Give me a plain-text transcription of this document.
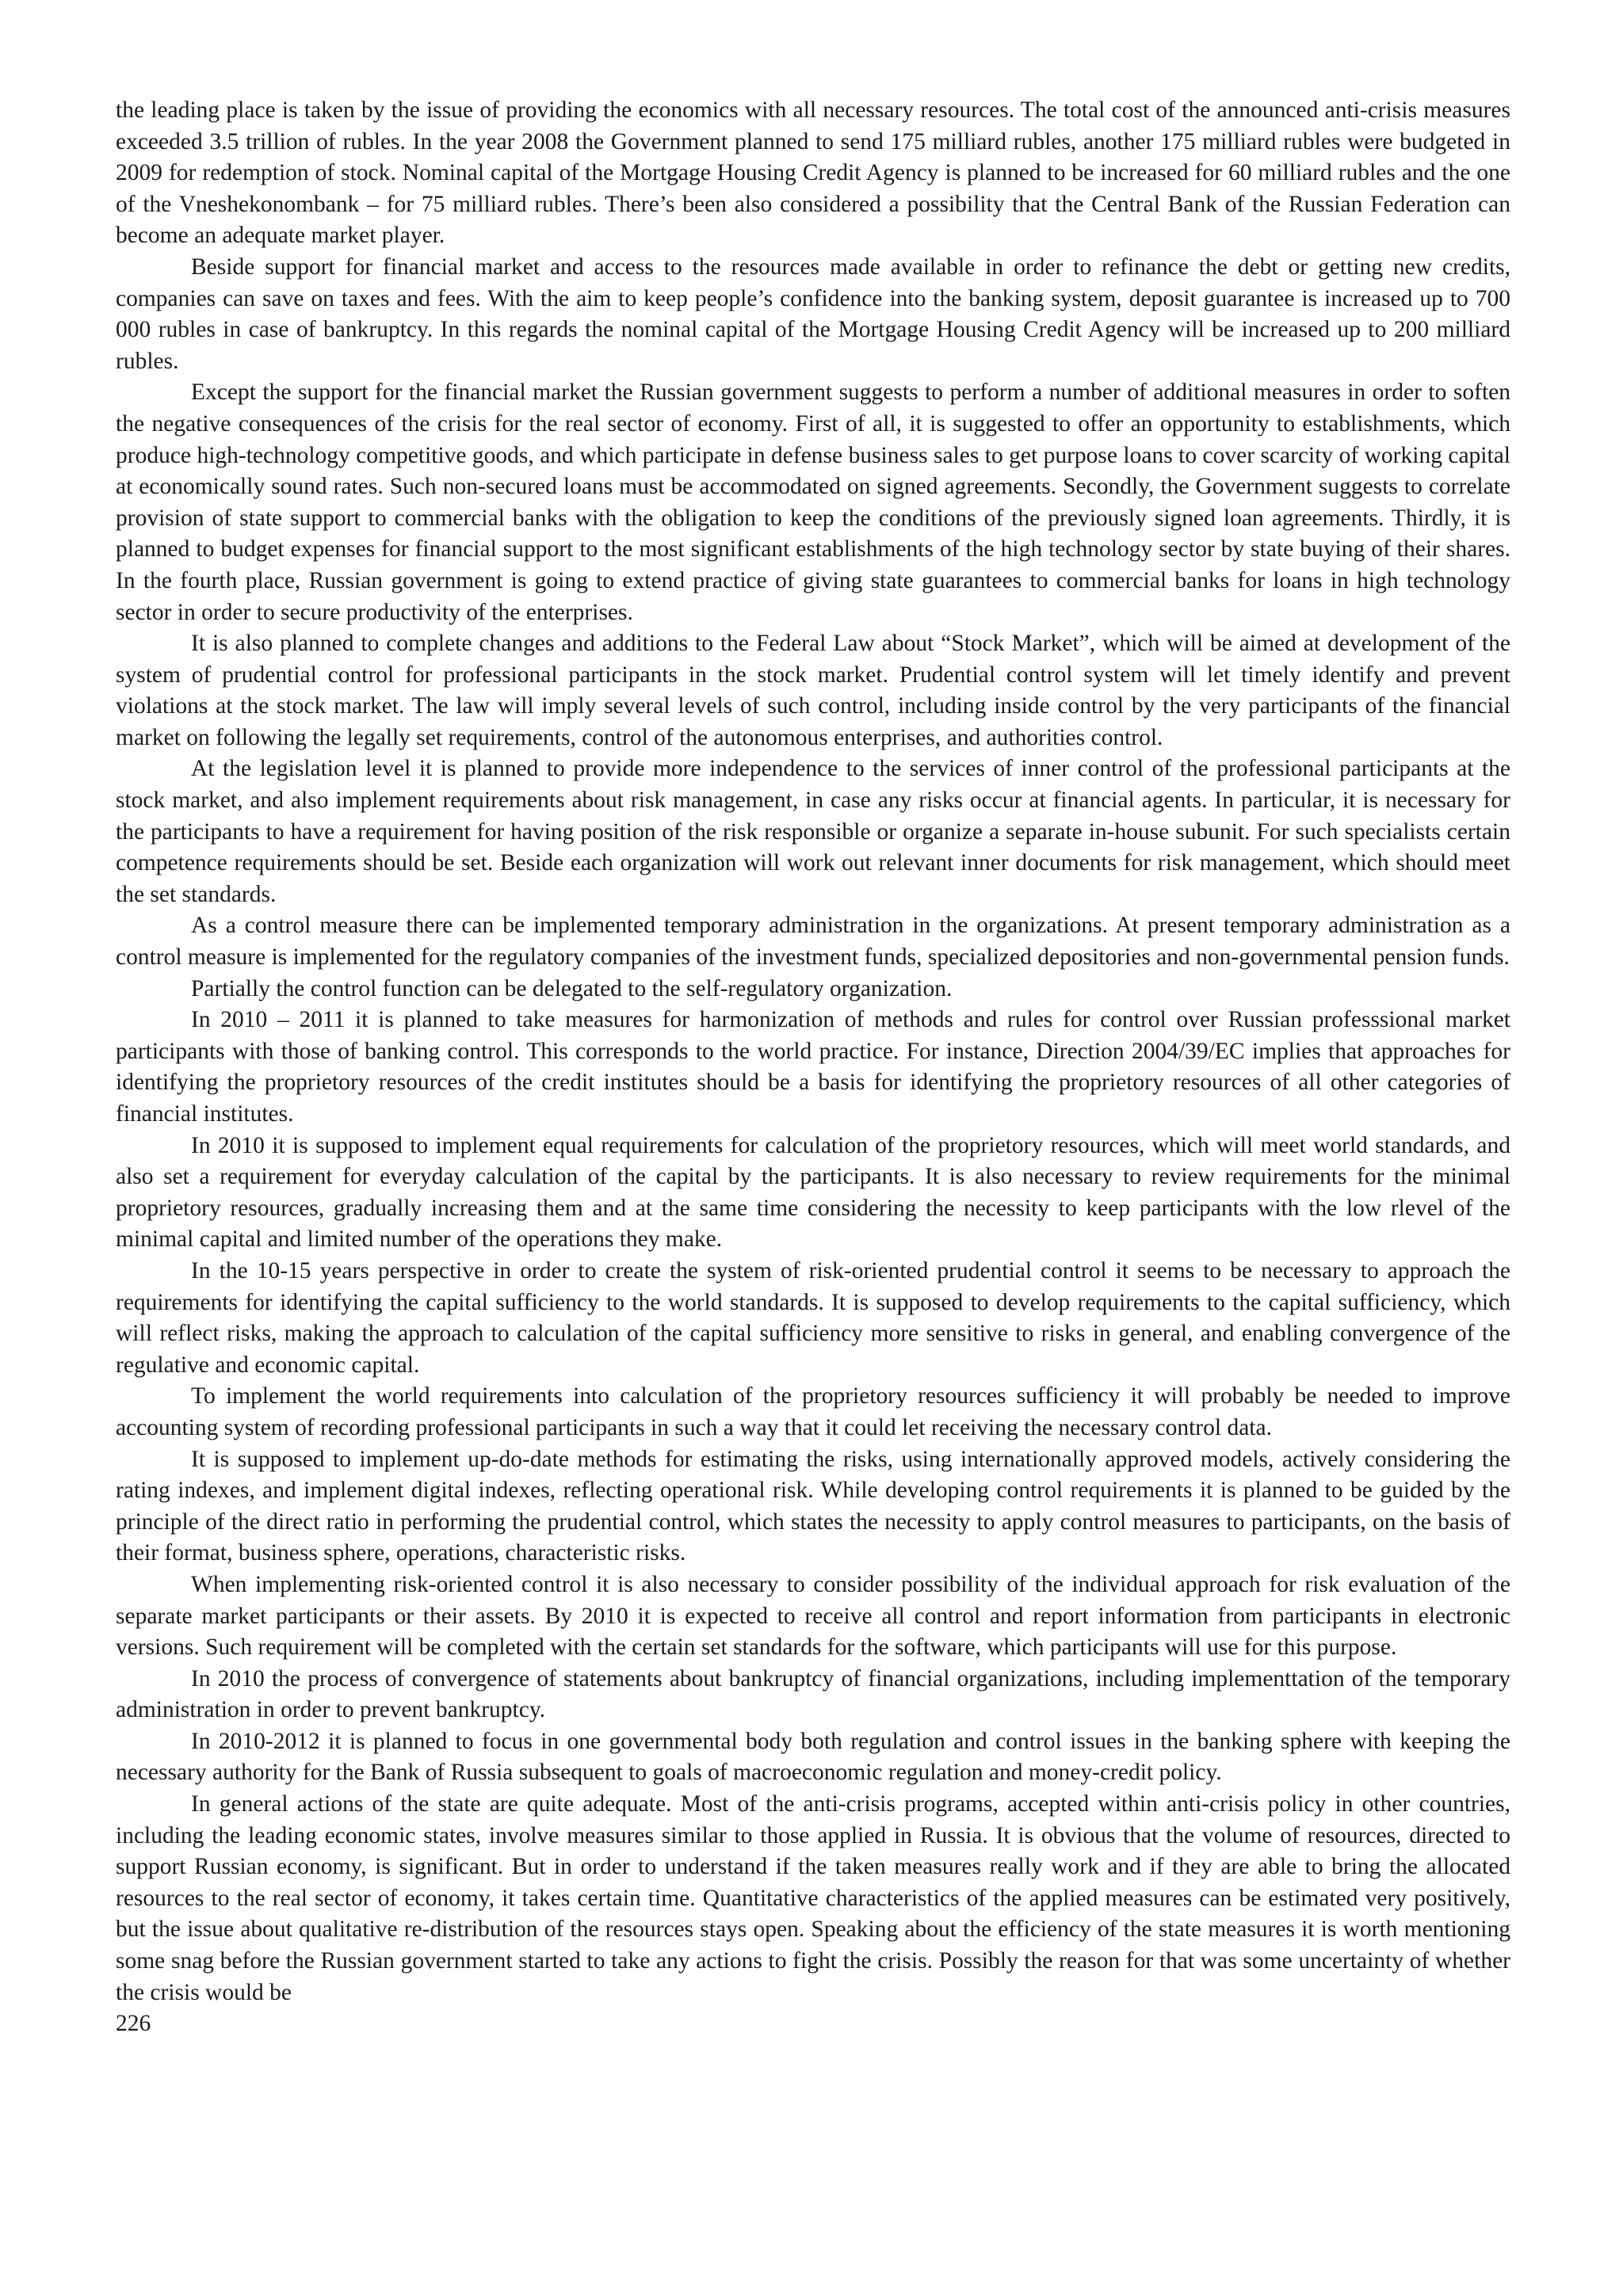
the leading place is taken by the issue of providing the economics with all necessary resources. The total cost of the announced anti-crisis measures exceeded 3.5 trillion of rubles. In the year 2008 the Government planned to send 175 milliard rubles, another 175 milliard rubles were budgeted in 2009 for redemption of stock. Nominal capital of the Mortgage Housing Credit Agency is planned to be increased for 60 milliard rubles and the one of the Vneshekonombank – for 75 milliard rubles. There’s been also considered a possibility that the Central Bank of the Russian Federation can become an adequate market player.

Beside support for financial market and access to the resources made available in order to refinance the debt or getting new credits, companies can save on taxes and fees. With the aim to keep people’s confidence into the banking system, deposit guarantee is increased up to 700 000 rubles in case of bankruptcy. In this regards the nominal capital of the Mortgage Housing Credit Agency will be increased up to 200 milliard rubles.

Except the support for the financial market the Russian government suggests to perform a number of additional measures in order to soften the negative consequences of the crisis for the real sector of economy. First of all, it is suggested to offer an opportunity to establishments, which produce high-technology competitive goods, and which participate in defense business sales to get purpose loans to cover scarcity of working capital at economically sound rates. Such non-secured loans must be accommodated on signed agreements. Secondly, the Government suggests to correlate provision of state support to commercial banks with the obligation to keep the conditions of the previously signed loan agreements. Thirdly, it is planned to budget expenses for financial support to the most significant establishments of the high technology sector by state buying of their shares. In the fourth place, Russian government is going to extend practice of giving state guarantees to commercial banks for loans in high technology sector in order to secure productivity of the enterprises.

It is also planned to complete changes and additions to the Federal Law about “Stock Market”, which will be aimed at development of the system of prudential control for professional participants in the stock market. Prudential control system will let timely identify and prevent violations at the stock market. The law will imply several levels of such control, including inside control by the very participants of the financial market on following the legally set requirements, control of the autonomous enterprises, and authorities control.

At the legislation level it is planned to provide more independence to the services of inner control of the professional participants at the stock market, and also implement requirements about risk management, in case any risks occur at financial agents. In particular, it is necessary for the participants to have a requirement for having position of the risk responsible or organize a separate in-house subunit. For such specialists certain competence requirements should be set. Beside each organization will work out relevant inner documents for risk management, which should meet the set standards.

As a control measure there can be implemented temporary administration in the organizations. At present temporary administration as a control measure is implemented for the regulatory companies of the investment funds, specialized depositories and non-governmental pension funds.

Partially the control function can be delegated to the self-regulatory organization.

In 2010 – 2011 it is planned to take measures for harmonization of methods and rules for control over Russian professsional market participants with those of banking control. This corresponds to the world practice. For instance, Direction 2004/39/EC implies that approaches for identifying the proprietory resources of the credit institutes should be a basis for identifying the proprietory resources of all other categories of financial institutes.

In 2010 it is supposed to implement equal requirements for calculation of the proprietory resources, which will meet world standards, and also set a requirement for everyday calculation of the capital by the participants. It is also necessary to review requirements for the minimal proprietory resources, gradually increasing them and at the same time considering the necessity to keep participants with the low rlevel of the minimal capital and limited number of the operations they make.

In the 10-15 years perspective in order to create the system of risk-oriented prudential control it seems to be necessary to approach the requirements for identifying the capital sufficiency to the world standards. It is supposed to develop requirements to the capital sufficiency, which will reflect risks, making the approach to calculation of the capital sufficiency more sensitive to risks in general, and enabling convergence of the regulative and economic capital.

To implement the world requirements into calculation of the proprietory resources sufficiency it will probably be needed to improve accounting system of recording professional participants in such a way that it could let receiving the necessary control data.

It is supposed to implement up-do-date methods for estimating the risks, using internationally approved models, actively considering the rating indexes, and implement digital indexes, reflecting operational risk. While developing control requirements it is planned to be guided by the principle of the direct ratio in performing the prudential control, which states the necessity to apply control measures to participants, on the basis of their format, business sphere, operations, characteristic risks.

When implementing risk-oriented control it is also necessary to consider possibility of the individual approach for risk evaluation of the separate market participants or their assets. By 2010 it is expected to receive all control and report information from participants in electronic versions. Such requirement will be completed with the certain set standards for the software, which participants will use for this purpose.

In 2010 the process of convergence of statements about bankruptcy of financial organizations, including implementtation of the temporary administration in order to prevent bankruptcy.

In 2010-2012 it is planned to focus in one governmental body both regulation and control issues in the banking sphere with keeping the necessary authority for the Bank of Russia subsequent to goals of macroeconomic regulation and money-credit policy.

In general actions of the state are quite adequate. Most of the anti-crisis programs, accepted within anti-crisis policy in other countries, including the leading economic states, involve measures similar to those applied in Russia. It is obvious that the volume of resources, directed to support Russian economy, is significant. But in order to understand if the taken measures really work and if they are able to bring the allocated resources to the real sector of economy, it takes certain time. Quantitative characteristics of the applied measures can be estimated very positively, but the issue about qualitative re-distribution of the resources stays open. Speaking about the efficiency of the state measures it is worth mentioning some snag before the Russian government started to take any actions to fight the crisis. Possibly the reason for that was some uncertainty of whether the crisis would be

226
